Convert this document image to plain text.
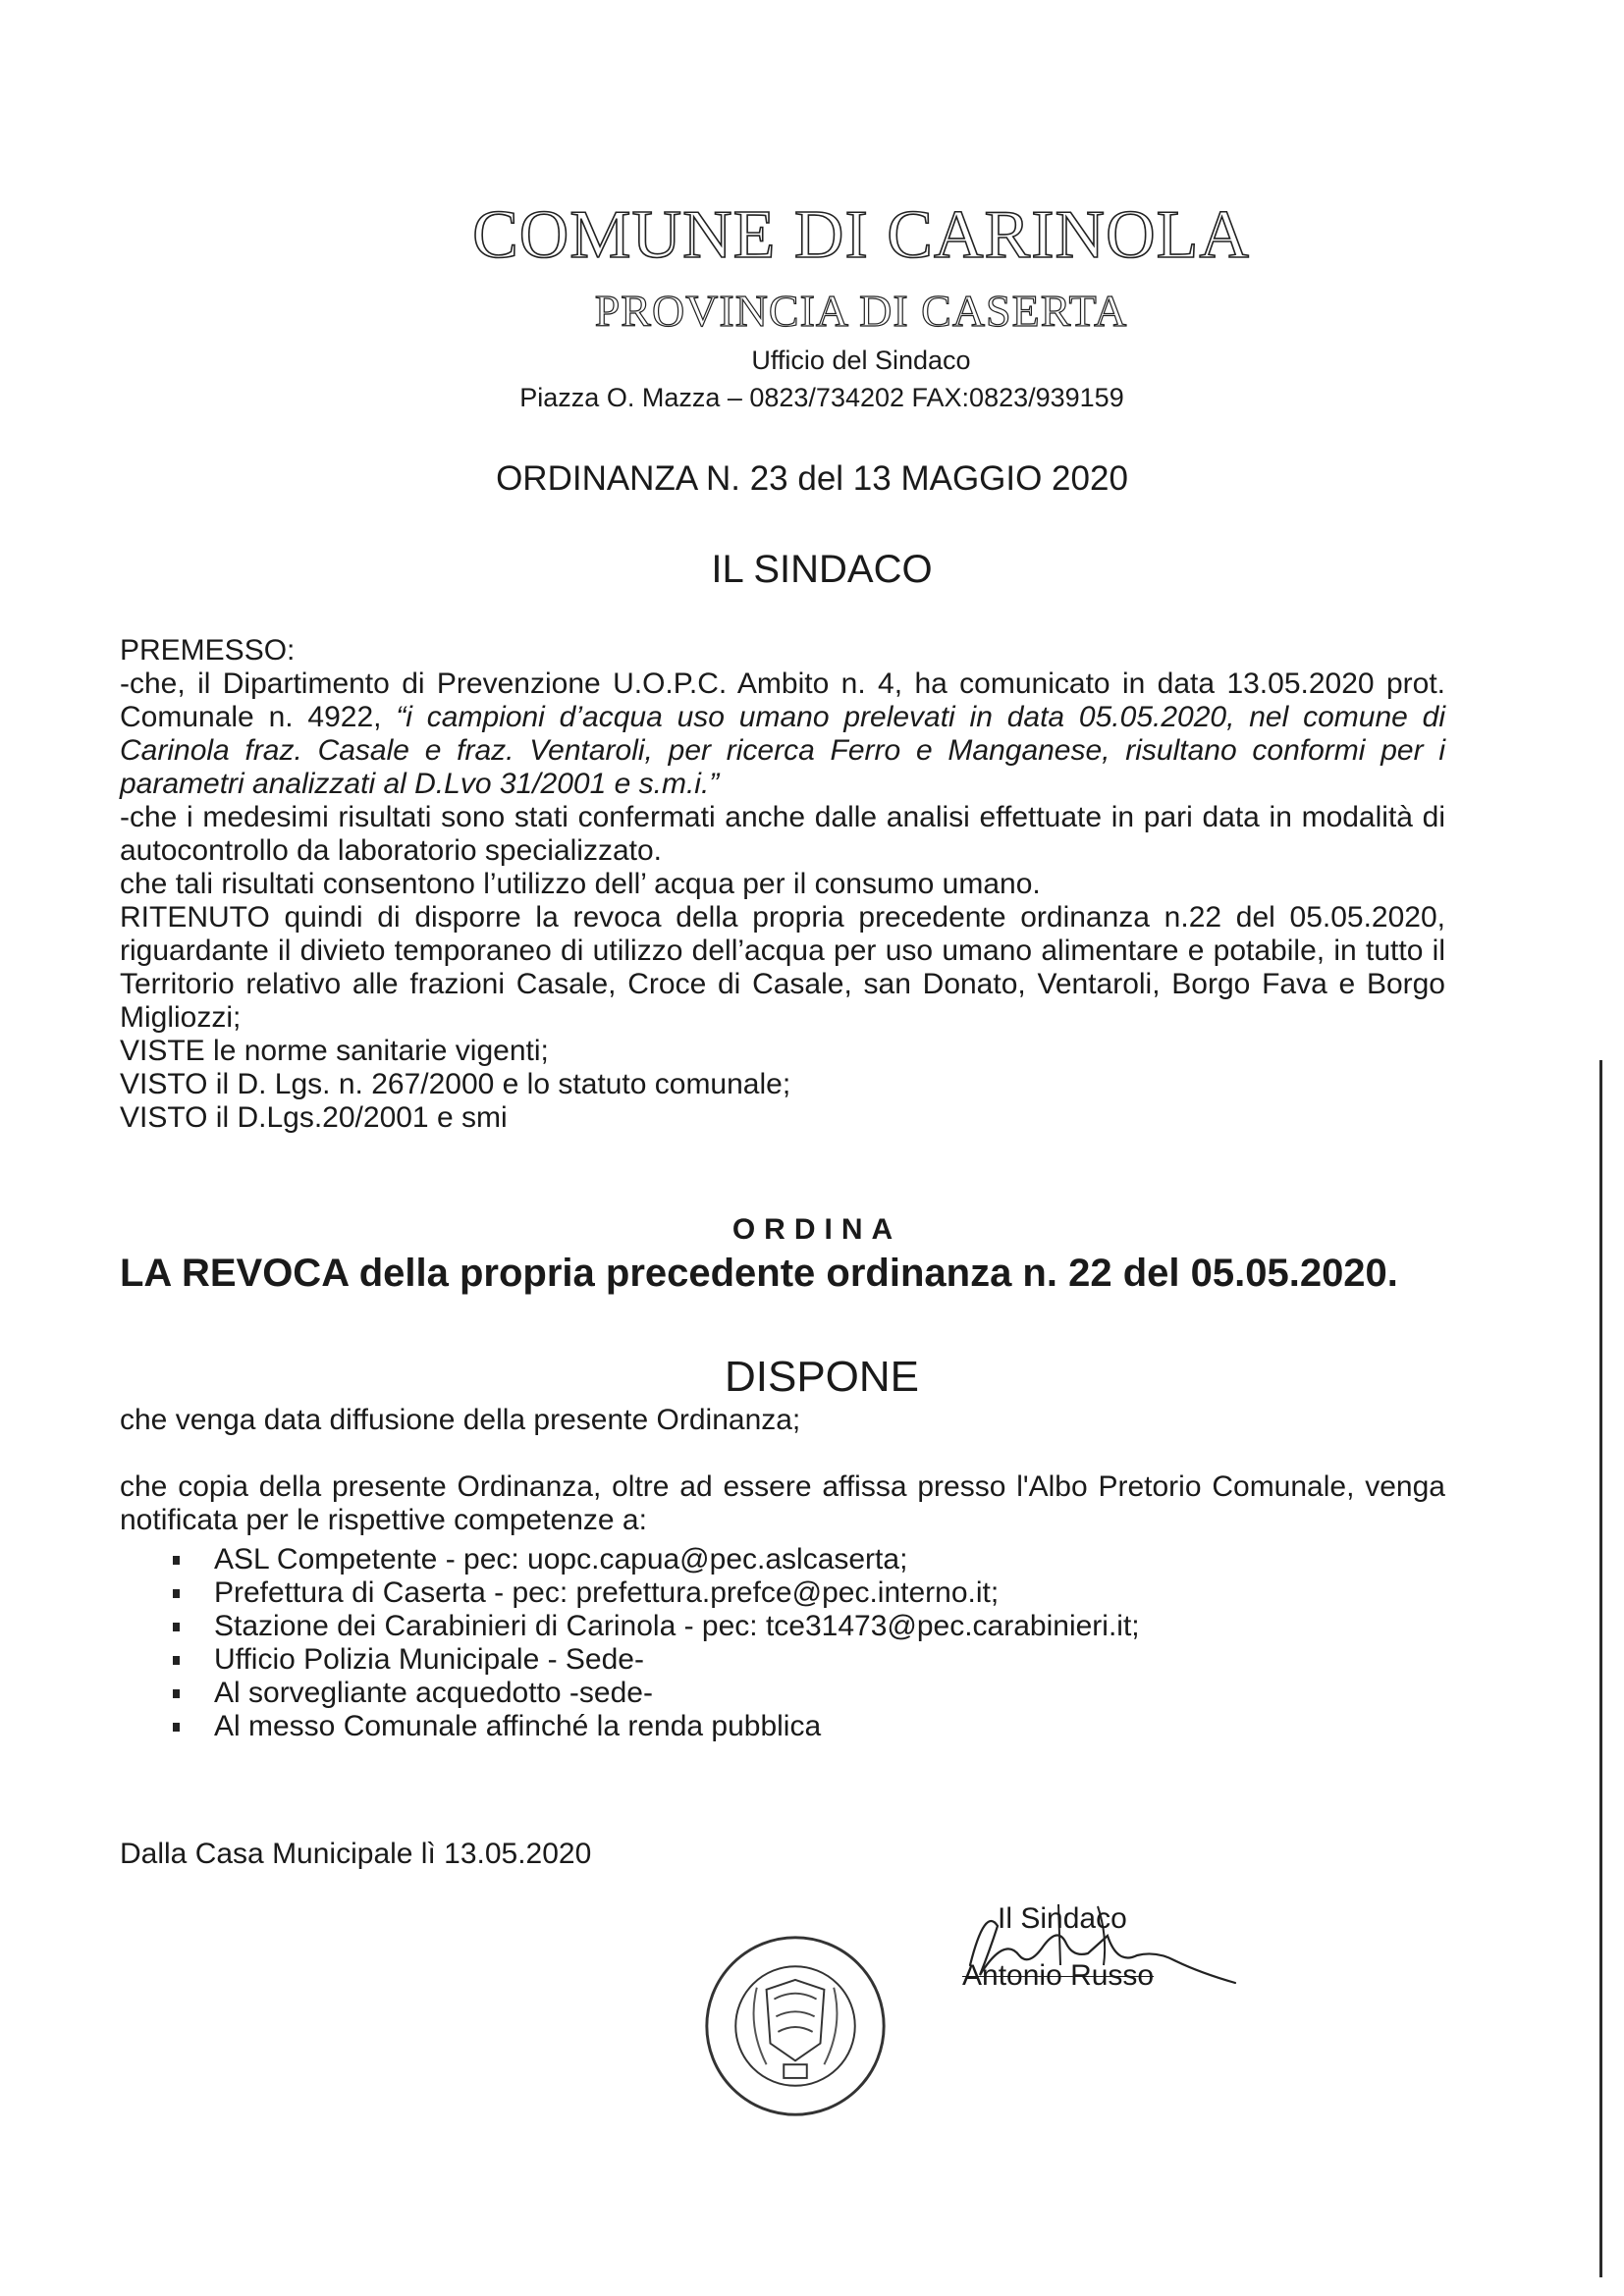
COMUNE DI CARINOLA
PROVINCIA DI CASERTA
Ufficio del Sindaco
Piazza O. Mazza – 0823/734202 FAX:0823/939159
ORDINANZA N. 23 del 13 MAGGIO 2020
IL SINDACO

PREMESSO:

-che, il Dipartimento di Prevenzione U.O.P.C. Ambito n. 4, ha comunicato in data 13.05.2020 prot. Comunale n. 4922, “i campioni d’acqua uso umano prelevati in data 05.05.2020, nel comune di Carinola fraz. Casale e fraz. Ventaroli, per ricerca Ferro e Manganese, risultano conformi per i parametri analizzati al D.Lvo 31/2001 e s.m.i.”

-che i medesimi risultati sono stati confermati anche dalle analisi effettuate in pari data in modalità di autocontrollo da laboratorio specializzato.

che tali risultati consentono l’utilizzo dell’ acqua per il consumo umano.

RITENUTO quindi di disporre la revoca della propria precedente ordinanza n.22 del 05.05.2020, riguardante il divieto temporaneo di utilizzo dell’acqua per uso umano alimentare e potabile, in tutto il Territorio relativo alle frazioni Casale, Croce di Casale, san Donato, Ventaroli, Borgo Fava e Borgo Migliozzi;

VISTE le norme sanitarie vigenti;

VISTO il D. Lgs. n. 267/2000 e lo statuto comunale;

VISTO il D.Lgs.20/2001 e smi

ORDINA
LA REVOCA della propria precedente ordinanza n. 22 del 05.05.2020.
DISPONE

che venga data diffusione della presente Ordinanza;

che copia della presente Ordinanza, oltre ad essere affissa presso l'Albo Pretorio Comunale, venga notificata per le rispettive competenze a:

ASL Competente - pec: uopc.capua@pec.aslcaserta;
Prefettura di Caserta - pec: prefettura.prefce@pec.interno.it;
Stazione dei Carabinieri di Carinola - pec: tce31473@pec.carabinieri.it;
Ufficio Polizia Municipale - Sede-
Al sorvegliante acquedotto -sede-
Al messo Comunale affinché la renda pubblica
Dalla Casa Municipale lì 13.05.2020
Il Sindaco
Antonio Russo
